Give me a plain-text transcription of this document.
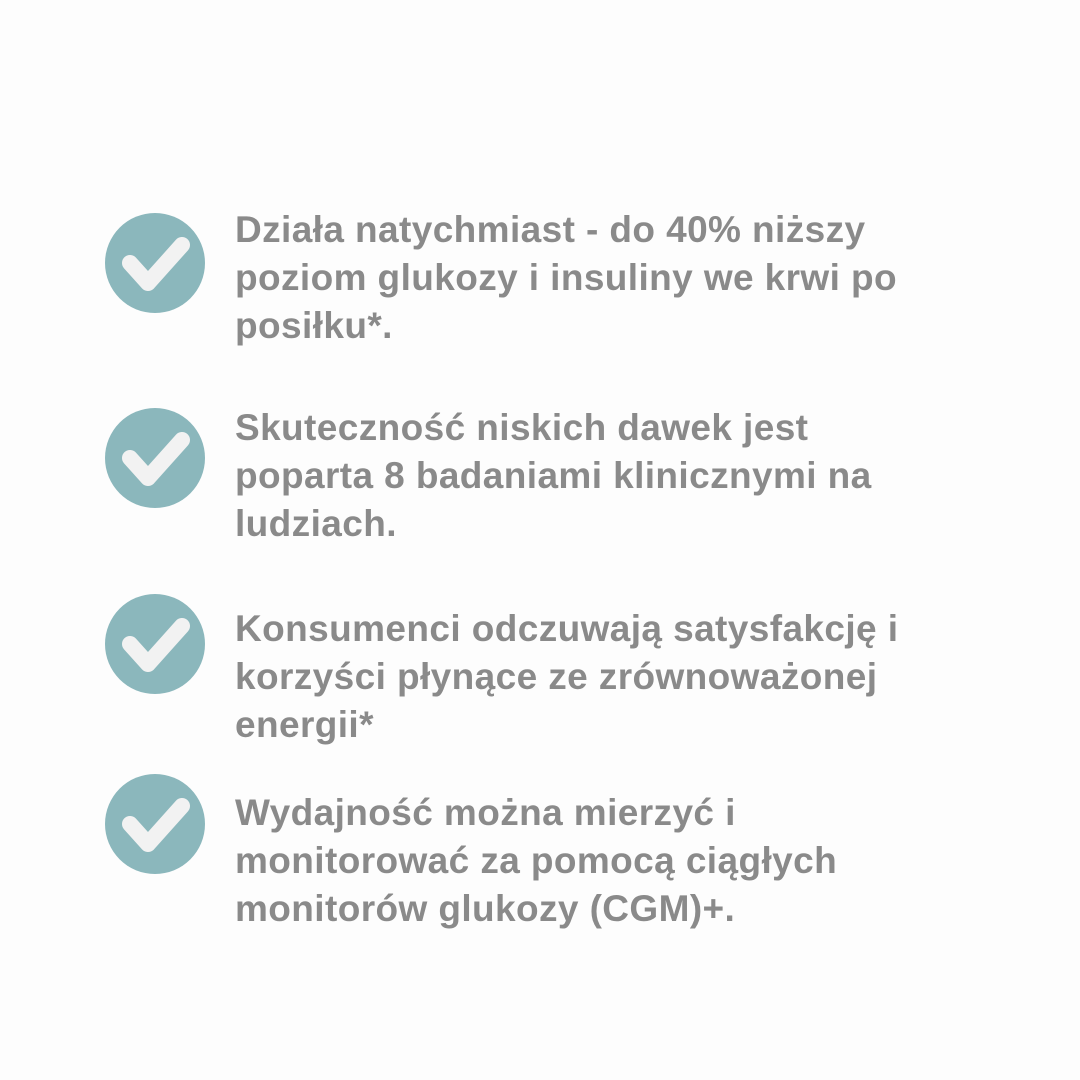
Działa natychmiast - do 40% niższy
poziom glukozy i insuliny we krwi po
posiłku*.
Skuteczność niskich dawek jest
poparta 8 badaniami klinicznymi na
ludziach.
Konsumenci odczuwają satysfakcję i
korzyści płynące ze zrównoważonej
energii*
Wydajność można mierzyć i
monitorować za pomocą ciągłych
monitorów glukozy (CGM)+.
